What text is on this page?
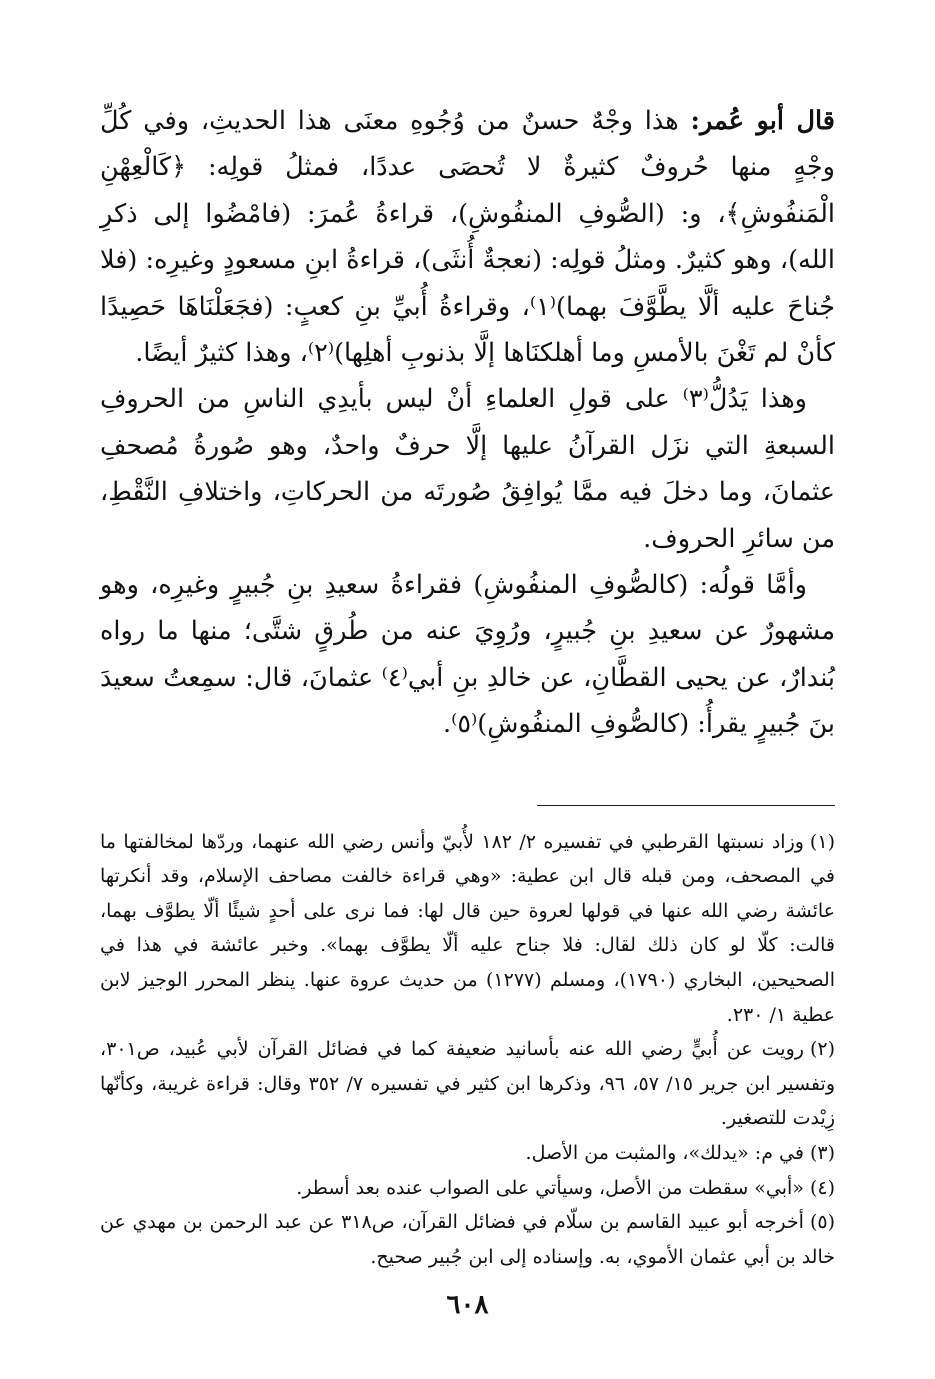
قال أبو عُمر: هذا وجْهٌ حسنٌ من وُجُوهِ معنَى هذا الحديثِ، وفي كُلِّ وجْهٍ منها حُروفٌ كثيرةٌ لا تُحصَى عددًا، فمثلُ قولِه: ﴿كَالْعِهْنِ الْمَنفُوشِ﴾، و: (الصُّوفِ المنفُوشِ)، قراءةُ عُمرَ: (فامْضُوا إلى ذكرِ الله)، وهو كثيرٌ. ومثلُ قولِه: (نعجةٌ أُنثَى)، قراءةُ ابنِ مسعودٍ وغيرِه: (فلا جُناحَ عليه ألَّا يطَّوَّفَ بهما)⁽١⁾، وقراءةُ أُبيِّ بنِ كعبٍ: (فجَعَلْنَاهَا حَصِيدًا كأنْ لم تَغْنَ بالأمسِ وما أهلكنَاها إلَّا بذنوبِ أهلِها)⁽٢⁾، وهذا كثيرٌ أيضًا.

وهذا يَدُلُّ⁽٣⁾ على قولِ العلماءِ أنْ ليس بأيدِي الناسِ من الحروفِ السبعةِ التي نزَل القرآنُ عليها إلَّا حرفٌ واحدٌ، وهو صُورةُ مُصحفِ عثمانَ، وما دخلَ فيه ممَّا يُوافِقُ صُورتَه من الحركاتِ، واختلافِ النَّقْطِ، من سائرِ الحروف.

وأمَّا قولُه: (كالصُّوفِ المنفُوشِ) فقراءةُ سعيدِ بنِ جُبيرٍ وغيرِه، وهو مشهورٌ عن سعيدِ بنِ جُبيرٍ، ورُوِيَ عنه من طُرقٍ شتَّى؛ منها ما رواه بُندارٌ، عن يحيى القطَّانِ، عن خالدِ بنِ أبي⁽٤⁾ عثمانَ، قال: سمِعتُ سعيدَ بنَ جُبيرٍ يقرأُ: (كالصُّوفِ المنفُوشِ)⁽٥⁾.

(١)وزاد نسبتها القرطبي في تفسيره ٢/ ١٨٢ لأُبيّ وأنس رضي الله عنهما، وردّها لمخالفتها ما في المصحف، ومن قبله قال ابن عطية: «وهي قراءة خالفت مصاحف الإسلام، وقد أنكرتها عائشة رضي الله عنها في قولها لعروة حين قال لها: فما نرى على أحدٍ شيئًا ألّا يطوَّف بهما، قالت: كلّا لو كان ذلك لقال: فلا جناح عليه ألّا يطوَّف بهما». وخبر عائشة في هذا في الصحيحين، البخاري (١٧٩٠)، ومسلم (١٢٧٧) من حديث عروة عنها. ينظر المحرر الوجيز لابن عطية ١/ ٢٣٠.

(٢)رويت عن أُبيٍّ رضي الله عنه بأسانيد ضعيفة كما في فضائل القرآن لأبي عُبيد، ص٣٠١، وتفسير ابن جرير ١٥/ ٥٧، ٩٦، وذكرها ابن كثير في تفسيره ٧/ ٣٥٢ وقال: قراءة غريبة، وكأنّها زِيْدت للتصغير.

(٣)في م: «يدلك»، والمثبت من الأصل.

(٤)«أبي» سقطت من الأصل، وسيأتي على الصواب عنده بعد أسطر.

(٥)أخرجه أبو عبيد القاسم بن سلّام في فضائل القرآن، ص٣١٨ عن عبد الرحمن بن مهدي عن خالد بن أبي عثمان الأموي، به. وإسناده إلى ابن جُبير صحيح.

٦٠٨
